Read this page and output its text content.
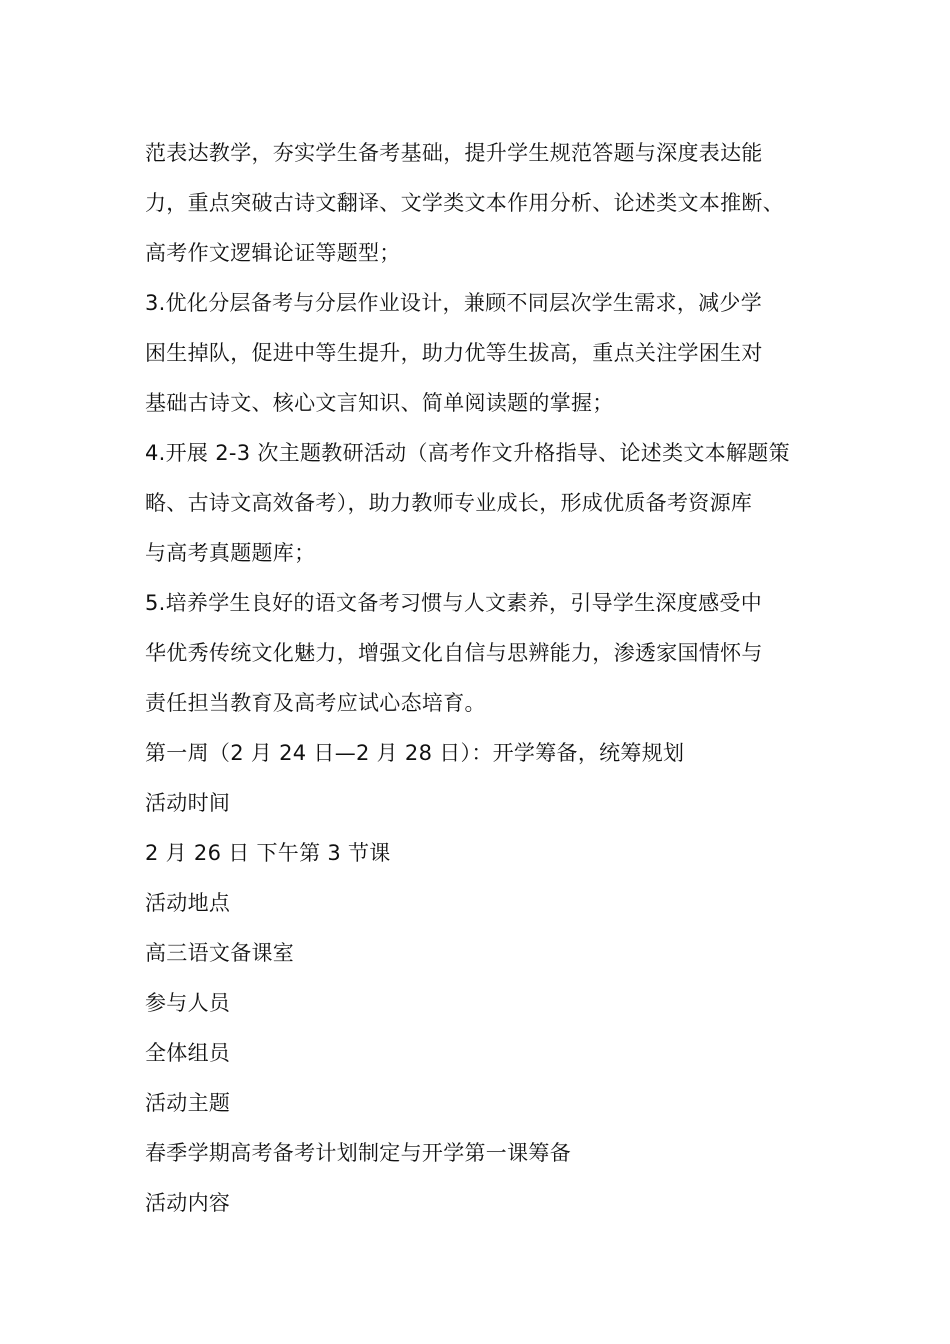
范表达教学，夯实学生备考基础，提升学生规范答题与深度表达能
力，重点突破古诗文翻译、文学类文本作用分析、论述类文本推断、
高考作文逻辑论证等题型；
3.优化分层备考与分层作业设计，兼顾不同层次学生需求，减少学
困生掉队，促进中等生提升，助力优等生拔高，重点关注学困生对
基础古诗文、核心文言知识、简单阅读题的掌握；
4.开展 2-3 次主题教研活动（高考作文升格指导、论述类文本解题策
略、古诗文高效备考），助力教师专业成长，形成优质备考资源库
与高考真题题库；
5.培养学生良好的语文备考习惯与人文素养，引导学生深度感受中
华优秀传统文化魅力，增强文化自信与思辨能力，渗透家国情怀与
责任担当教育及高考应试心态培育。
第一周（2 月 24 日—2 月 28 日）：开学筹备，统筹规划
活动时间
2 月 26 日 下午第 3 节课
活动地点
高三语文备课室
参与人员
全体组员
活动主题
春季学期高考备考计划制定与开学第一课筹备
活动内容
